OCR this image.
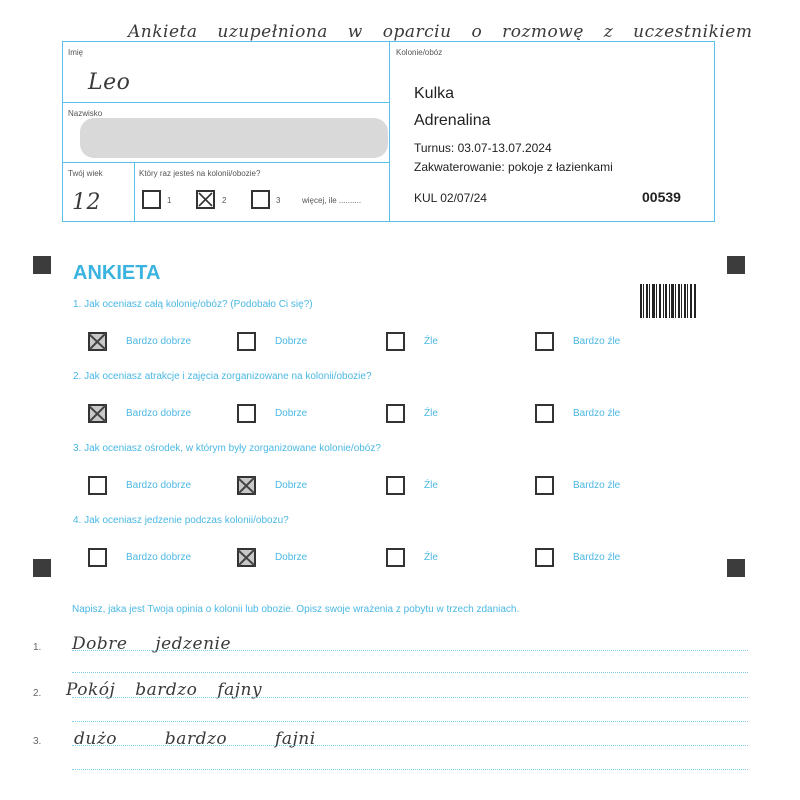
Ankieta uzupełniona w oparciu o rozmowę z uczestnikiem
Imię
Leo
Nazwisko
Twój wiek
12
Który raz jesteś na kolonii/obozie?
1	2	3	więcej, ile ..........
Kolonie/obóz
Kulka
Adrenalina
Turnus: 03.07-13.07.2024
Zakwaterowanie: pokoje z łazienkami
KUL 02/07/24	00539
ANKIETA
1. Jak oceniasz całą kolonię/obóz? (Podobało Ci się?)
Bardzo dobrze	Dobrze	Źle	Bardzo źle
2. Jak oceniasz atrakcje i zajęcia zorganizowane na kolonii/obozie?
Bardzo dobrze	Dobrze	Źle	Bardzo źle
3. Jak oceniasz ośrodek, w którym były zorganizowane kolonie/obóz?
Bardzo dobrze	Dobrze	Źle	Bardzo źle
4. Jak oceniasz jedzenie podczas kolonii/obozu?
Bardzo dobrze	Dobrze	Źle	Bardzo źle
Napisz, jaka jest Twoja opinia o kolonii lub obozie. Opisz swoje wrażenia z pobytu w trzech zdaniach.
1. Dobre jedzenie
2. Pokój bardzo fajny
3. dużo bardzo fajni
